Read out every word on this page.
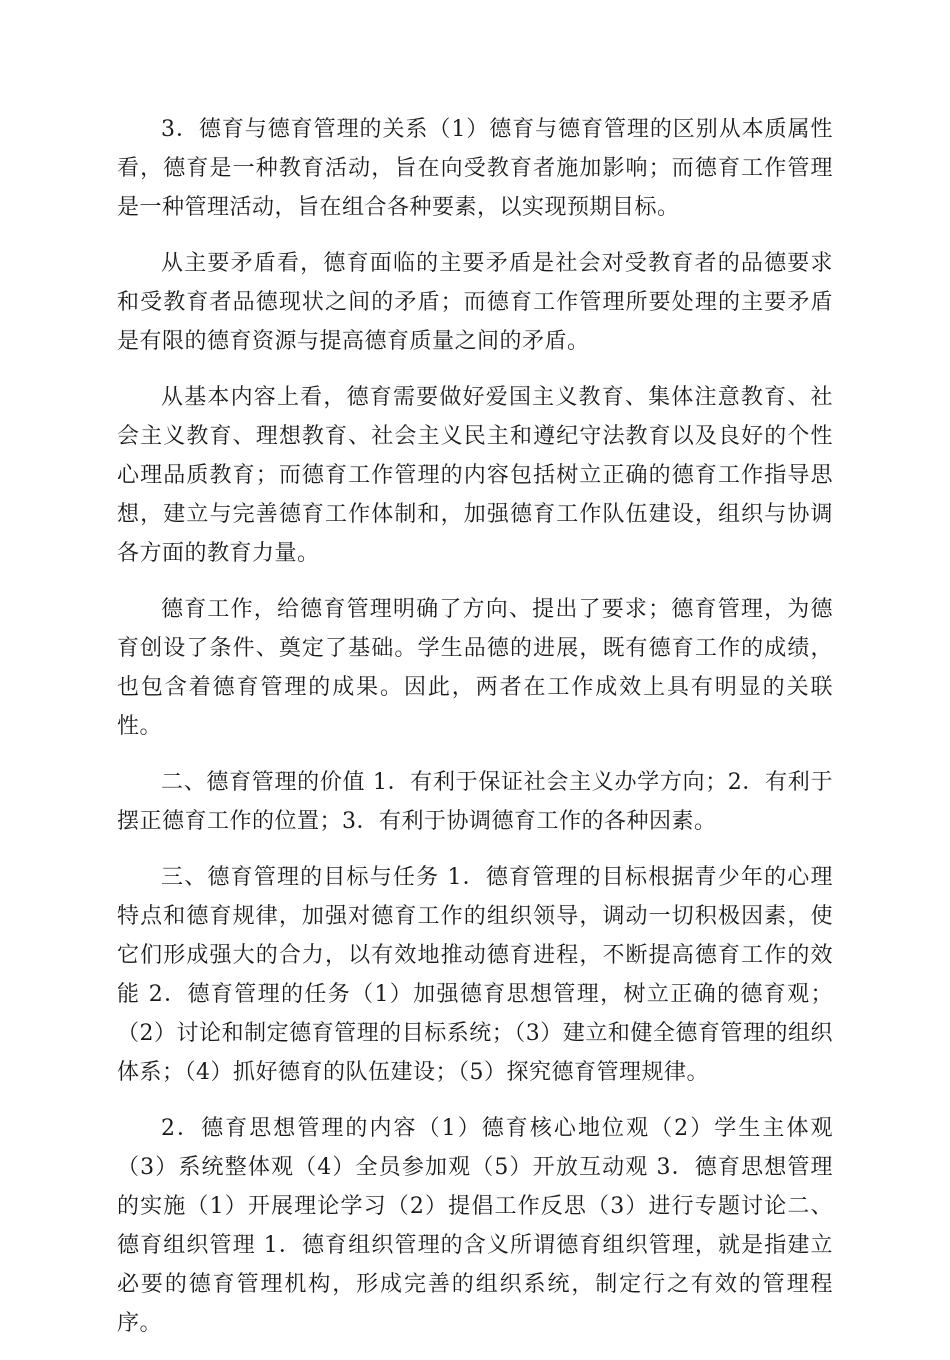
3．德育与德育管理的关系（1）德育与德育管理的区别从本质属性看，德育是一种教育活动，旨在向受教育者施加影响；而德育工作管理是一种管理活动，旨在组合各种要素，以实现预期目标。

从主要矛盾看，德育面临的主要矛盾是社会对受教育者的品德要求和受教育者品德现状之间的矛盾；而德育工作管理所要处理的主要矛盾是有限的德育资源与提高德育质量之间的矛盾。

从基本内容上看，德育需要做好爱国主义教育、集体注意教育、社会主义教育、理想教育、社会主义民主和遵纪守法教育以及良好的个性心理品质教育；而德育工作管理的内容包括树立正确的德育工作指导思想，建立与完善德育工作体制和，加强德育工作队伍建设，组织与协调各方面的教育力量。

德育工作，给德育管理明确了方向、提出了要求；德育管理，为德育创设了条件、奠定了基础。学生品德的进展，既有德育工作的成绩，也包含着德育管理的成果。因此，两者在工作成效上具有明显的关联性。

二、德育管理的价值 1．有利于保证社会主义办学方向；2．有利于摆正德育工作的位置；3．有利于协调德育工作的各种因素。

三、德育管理的目标与任务 1．德育管理的目标根据青少年的心理特点和德育规律，加强对德育工作的组织领导，调动一切积极因素，使它们形成强大的合力，以有效地推动德育进程，不断提高德育工作的效能 2．德育管理的任务（1）加强德育思想管理，树立正确的德育观；（2）讨论和制定德育管理的目标系统；（3）建立和健全德育管理的组织体系；（4）抓好德育的队伍建设；（5）探究德育管理规律。

2．德育思想管理的内容（1）德育核心地位观（2）学生主体观（3）系统整体观（4）全员参加观（5）开放互动观 3．德育思想管理的实施（1）开展理论学习（2）提倡工作反思（3）进行专题讨论二、德育组织管理 1．德育组织管理的含义所谓德育组织管理，就是指建立必要的德育管理机构，形成完善的组织系统，制定行之有效的管理程序。
